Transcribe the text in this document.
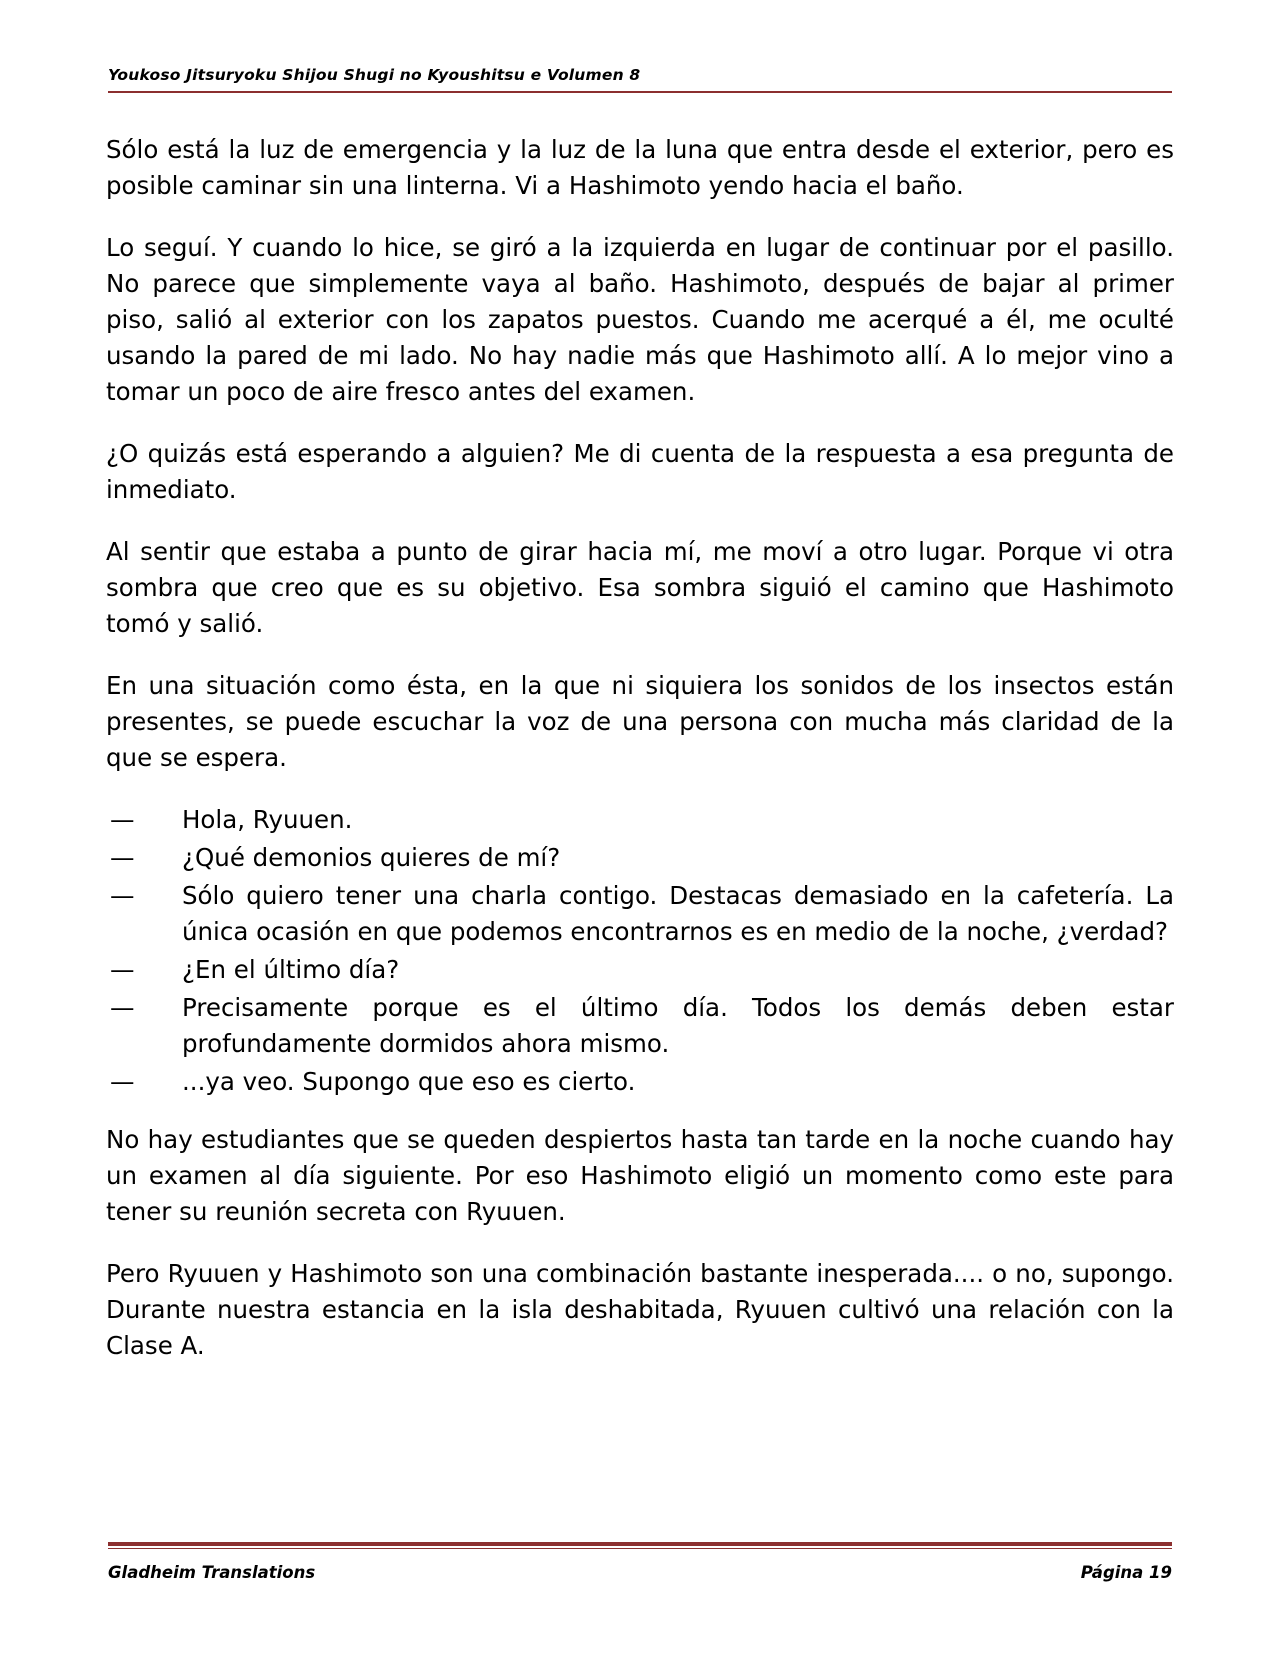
Youkoso Jitsuryoku Shijou Shugi no Kyoushitsu e Volumen 8

Sólo está la luz de emergencia y la luz de la luna que entra desde el exterior, pero es posible caminar sin una linterna. Vi a Hashimoto yendo hacia el baño.

Lo seguí. Y cuando lo hice, se giró a la izquierda en lugar de continuar por el pasillo. No parece que simplemente vaya al baño. Hashimoto, después de bajar al primer piso, salió al exterior con los zapatos puestos. Cuando me acerqué a él, me oculté usando la pared de mi lado. No hay nadie más que Hashimoto allí. A lo mejor vino a tomar un poco de aire fresco antes del examen.

¿O quizás está esperando a alguien? Me di cuenta de la respuesta a esa pregunta de inmediato.

Al sentir que estaba a punto de girar hacia mí, me moví a otro lugar. Porque vi otra sombra que creo que es su objetivo. Esa sombra siguió el camino que Hashimoto tomó y salió.

En una situación como ésta, en la que ni siquiera los sonidos de los insectos están presentes, se puede escuchar la voz de una persona con mucha más claridad de la que se espera.

— Hola, Ryuuen.
— ¿Qué demonios quieres de mí?
— Sólo quiero tener una charla contigo. Destacas demasiado en la cafetería. La única ocasión en que podemos encontrarnos es en medio de la noche, ¿verdad?
— ¿En el último día?
— Precisamente porque es el último día. Todos los demás deben estar profundamente dormidos ahora mismo.
— ...ya veo. Supongo que eso es cierto.

No hay estudiantes que se queden despiertos hasta tan tarde en la noche cuando hay un examen al día siguiente. Por eso Hashimoto eligió un momento como este para tener su reunión secreta con Ryuuen.

Pero Ryuuen y Hashimoto son una combinación bastante inesperada.... o no, supongo. Durante nuestra estancia en la isla deshabitada, Ryuuen cultivó una relación con la Clase A.

Gladheim Translations	Página 19
